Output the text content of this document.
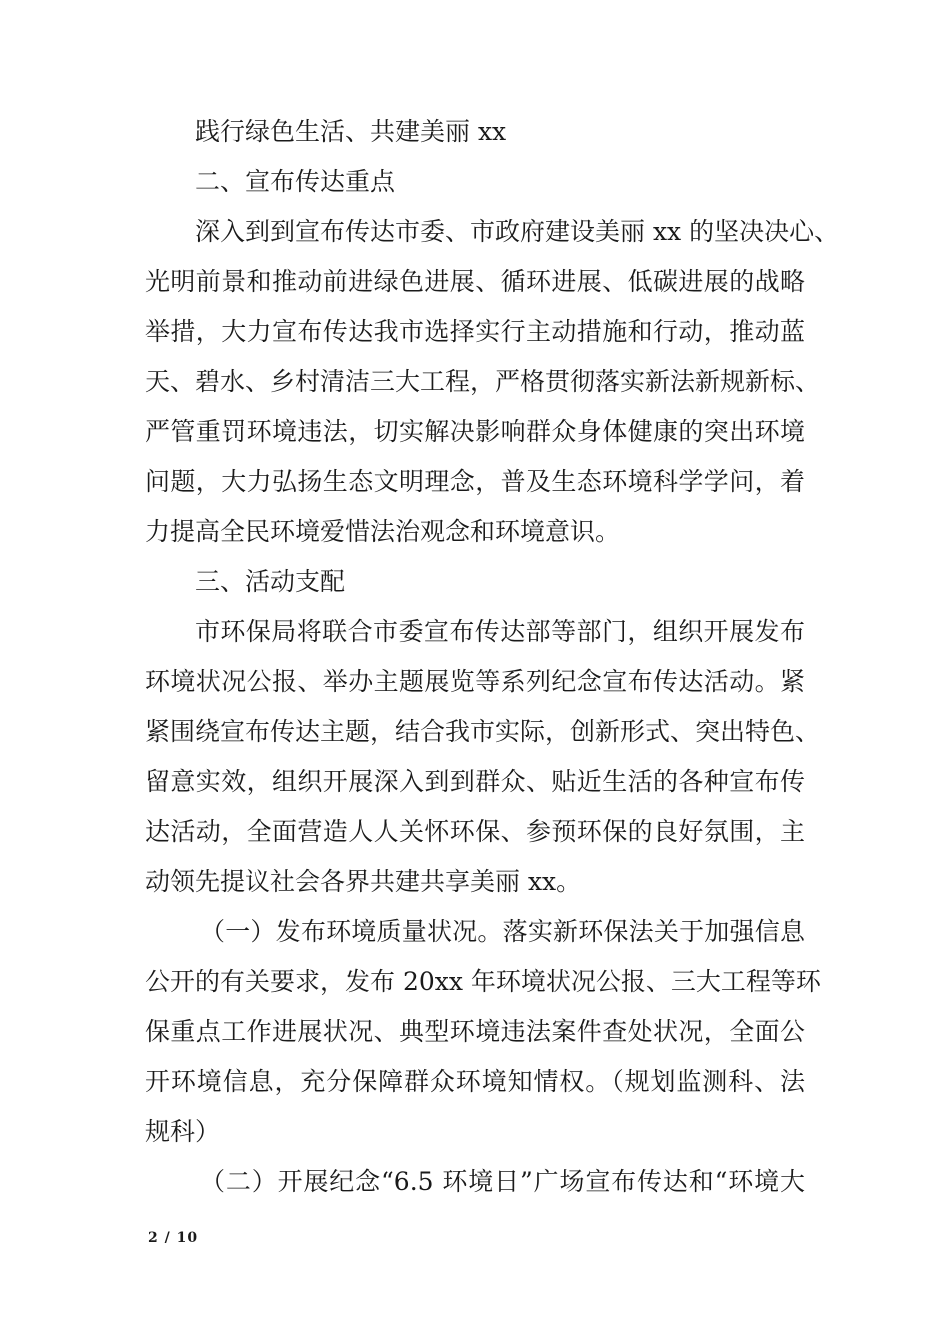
践行绿色生活、共建美丽 xx
二、宣布传达重点
深入到到宣布传达市委、市政府建设美丽 xx 的坚决决心、
光明前景和推动前进绿色进展、循环进展、低碳进展的战略
举措，大力宣布传达我市选择实行主动措施和行动，推动蓝
天、碧水、乡村清洁三大工程，严格贯彻落实新法新规新标、
严管重罚环境违法，切实解决影响群众身体健康的突出环境
问题，大力弘扬生态文明理念，普及生态环境科学学问，着
力提高全民环境爱惜法治观念和环境意识。
三、活动支配
市环保局将联合市委宣布传达部等部门，组织开展发布
环境状况公报、举办主题展览等系列纪念宣布传达活动。紧
紧围绕宣布传达主题，结合我市实际，创新形式、突出特色、
留意实效，组织开展深入到到群众、贴近生活的各种宣布传
达活动，全面营造人人关怀环保、参预环保的良好氛围，主
动领先提议社会各界共建共享美丽 xx。
（一）发布环境质量状况。落实新环保法关于加强信息
公开的有关要求，发布 20xx 年环境状况公报、三大工程等环
保重点工作进展状况、典型环境违法案件查处状况，全面公
开环境信息，充分保障群众环境知情权。（规划监测科、法
规科）
（二）开展纪念“6.5 环境日”广场宣布传达和“环境大
2 / 10
